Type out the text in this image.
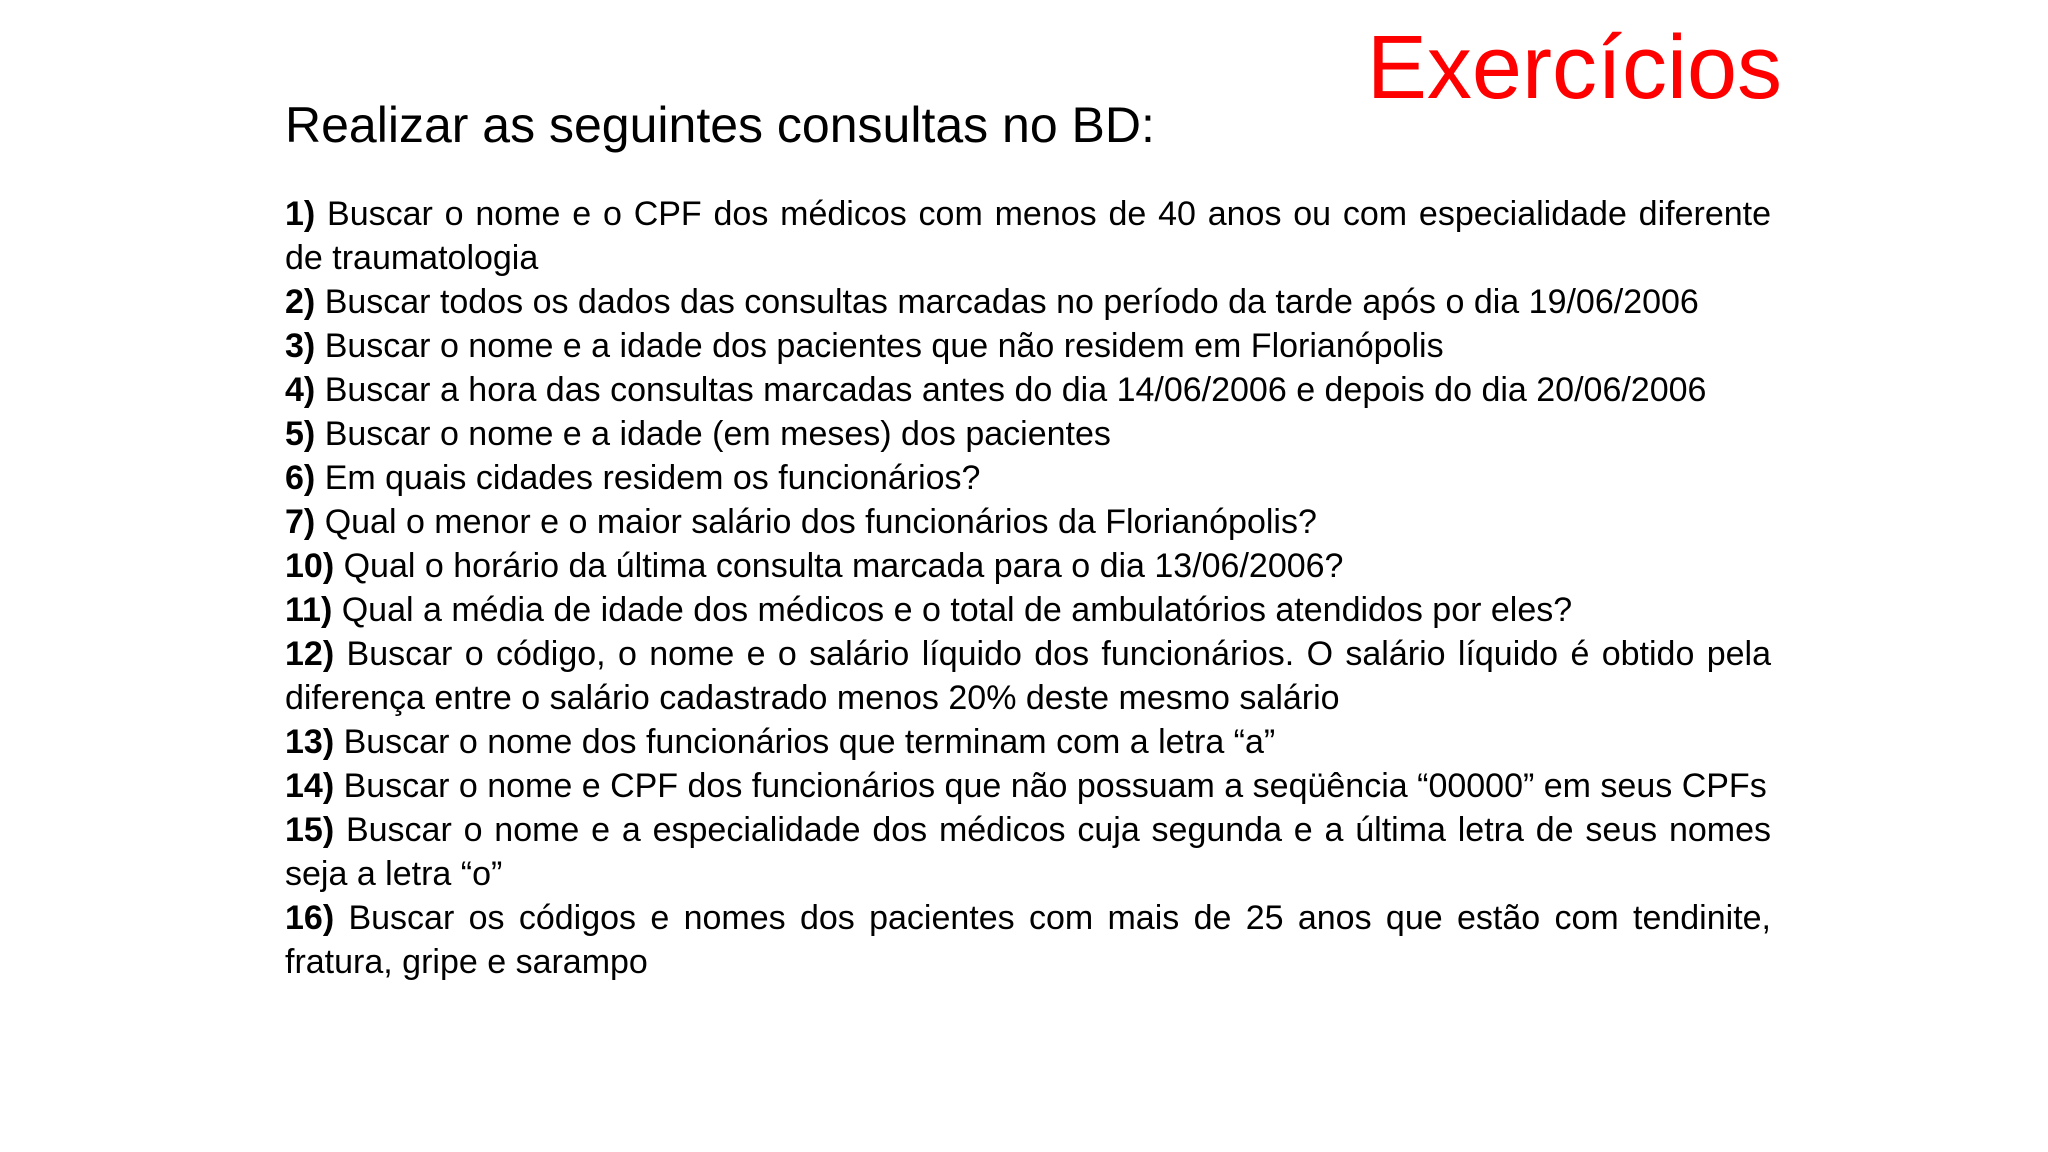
Exercícios
Realizar as seguintes consultas no BD:

1) Buscar o nome e o CPF dos médicos com menos de 40 anos ou com especialidade diferente de traumatologia

2) Buscar todos os dados das consultas marcadas no período da tarde após o dia 19/06/2006

3) Buscar o nome e a idade dos pacientes que não residem em Florianópolis

4) Buscar a hora das consultas marcadas antes do dia 14/06/2006 e depois do dia 20/06/2006

5) Buscar o nome e a idade (em meses) dos pacientes

6) Em quais cidades residem os funcionários?

7) Qual o menor e o maior salário dos funcionários da Florianópolis?

10) Qual o horário da última consulta marcada para o dia 13/06/2006?

11) Qual a média de idade dos médicos e o total de ambulatórios atendidos por eles?

12) Buscar o código, o nome e o salário líquido dos funcionários. O salário líquido é obtido pela diferença entre o salário cadastrado menos 20% deste mesmo salário

13) Buscar o nome dos funcionários que terminam com a letra “a”

14) Buscar o nome e CPF dos funcionários que não possuam a seqüência “00000” em seus CPFs

15) Buscar o nome e a especialidade dos médicos cuja segunda e a última letra de seus nomes seja a letra “o”

16) Buscar os códigos e nomes dos pacientes com mais de 25 anos que estão com tendinite, fratura, gripe e sarampo
